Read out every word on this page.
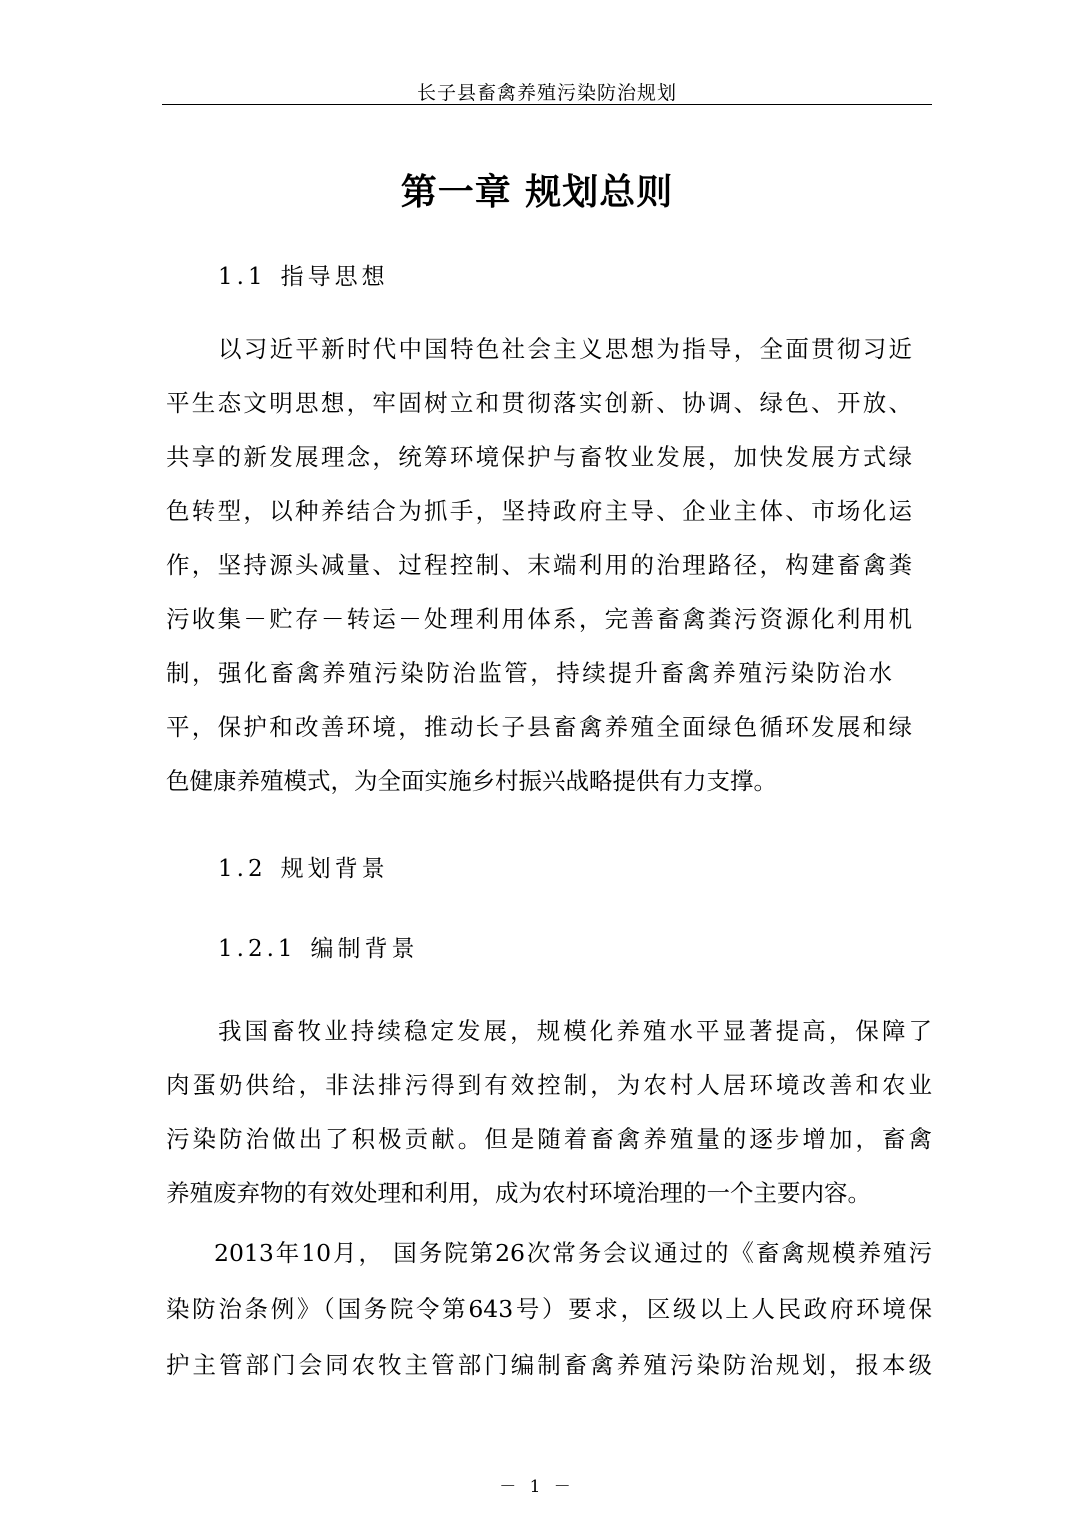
长子县畜禽养殖污染防治规划
第一章 规划总则
1.1 指导思想
以习近平新时代中国特色社会主义思想为指导，全面贯彻习近
平生态文明思想，牢固树立和贯彻落实创新、协调、绿色、开放、
共享的新发展理念，统筹环境保护与畜牧业发展，加快发展方式绿
色转型，以种养结合为抓手，坚持政府主导、企业主体、市场化运
作，坚持源头减量、过程控制、末端利用的治理路径，构建畜禽粪
污收集－贮存－转运－处理利用体系，完善畜禽粪污资源化利用机
制，强化畜禽养殖污染防治监管，持续提升畜禽养殖污染防治水
平，保护和改善环境，推动长子县畜禽养殖全面绿色循环发展和绿
色健康养殖模式，为全面实施乡村振兴战略提供有力支撑。
1.2 规划背景
1.2.1 编制背景
我国畜牧业持续稳定发展，规模化养殖水平显著提高，保障了
肉蛋奶供给，非法排污得到有效控制，为农村人居环境改善和农业
污染防治做出了积极贡献。但是随着畜禽养殖量的逐步增加，畜禽
养殖废弃物的有效处理和利用，成为农村环境治理的一个主要内容。
2013年10月， 国务院第26次常务会议通过的《畜禽规模养殖污
染防治条例》（国务院令第643号）要求，区级以上人民政府环境保
护主管部门会同农牧主管部门编制畜禽养殖污染防治规划，报本级
－ 1 －
